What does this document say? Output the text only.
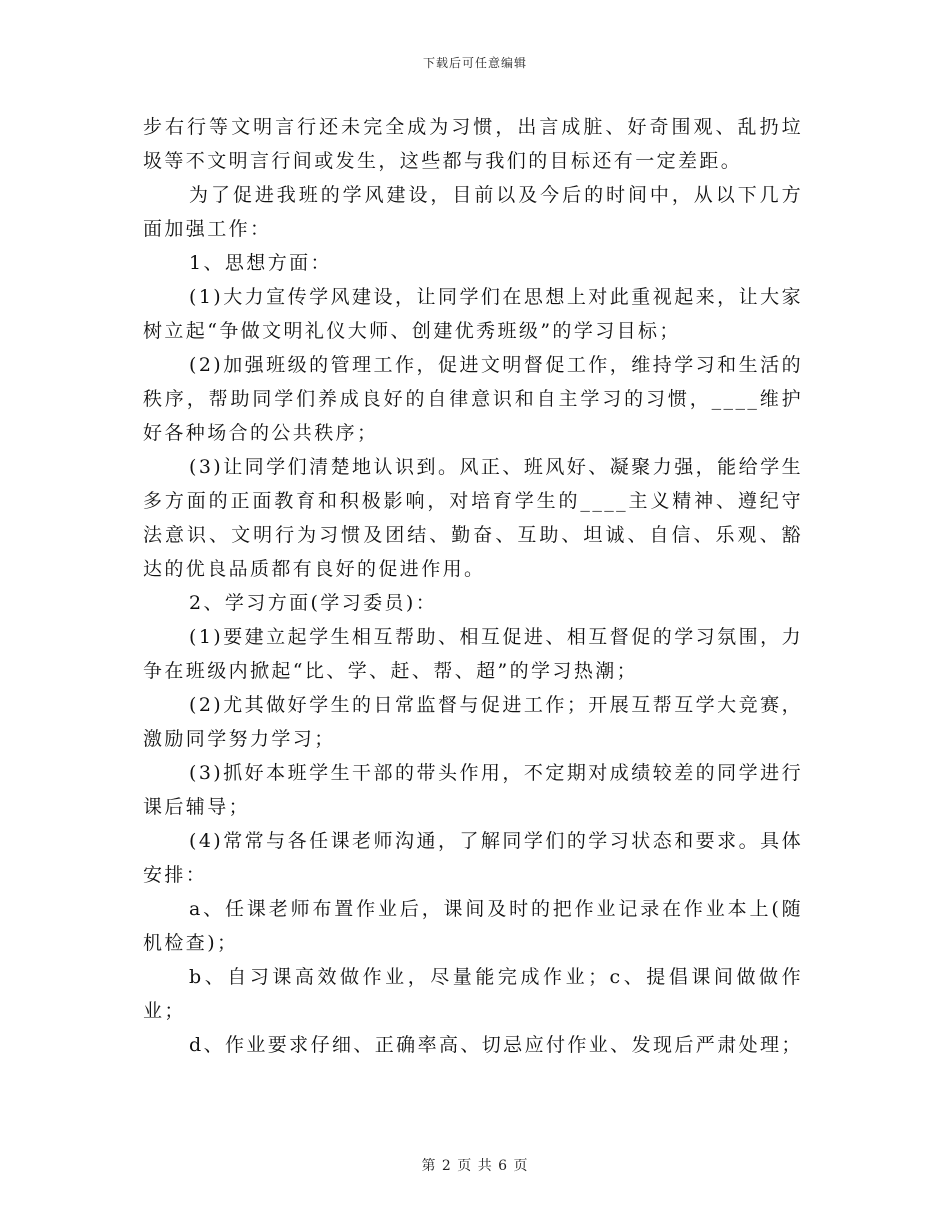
下载后可任意编辑

步右行等文明言行还未完全成为习惯，出言成脏、好奇围观、乱扔垃圾等不文明言行间或发生，这些都与我们的目标还有一定差距。

为了促进我班的学风建设，目前以及今后的时间中，从以下几方面加强工作：

1、思想方面：

(1)大力宣传学风建设，让同学们在思想上对此重视起来，让大家树立起“争做文明礼仪大师、创建优秀班级”的学习目标；

(2)加强班级的管理工作，促进文明督促工作，维持学习和生活的秩序，帮助同学们养成良好的自律意识和自主学习的习惯，____维护好各种场合的公共秩序；

(3)让同学们清楚地认识到。风正、班风好、凝聚力强，能给学生多方面的正面教育和积极影响，对培育学生的____主义精神、遵纪守法意识、文明行为习惯及团结、勤奋、互助、坦诚、自信、乐观、豁达的优良品质都有良好的促进作用。

2、学习方面(学习委员)：

(1)要建立起学生相互帮助、相互促进、相互督促的学习氛围，力争在班级内掀起“比、学、赶、帮、超”的学习热潮；

(2)尤其做好学生的日常监督与促进工作；开展互帮互学大竞赛，激励同学努力学习；

(3)抓好本班学生干部的带头作用，不定期对成绩较差的同学进行课后辅导；

(4)常常与各任课老师沟通，了解同学们的学习状态和要求。具体安排：

a、任课老师布置作业后，课间及时的把作业记录在作业本上(随机检查)；

b、自习课高效做作业，尽量能完成作业；c、提倡课间做做作业；

d、作业要求仔细、正确率高、切忌应付作业、发现后严肃处理；

第 2 页 共 6 页
